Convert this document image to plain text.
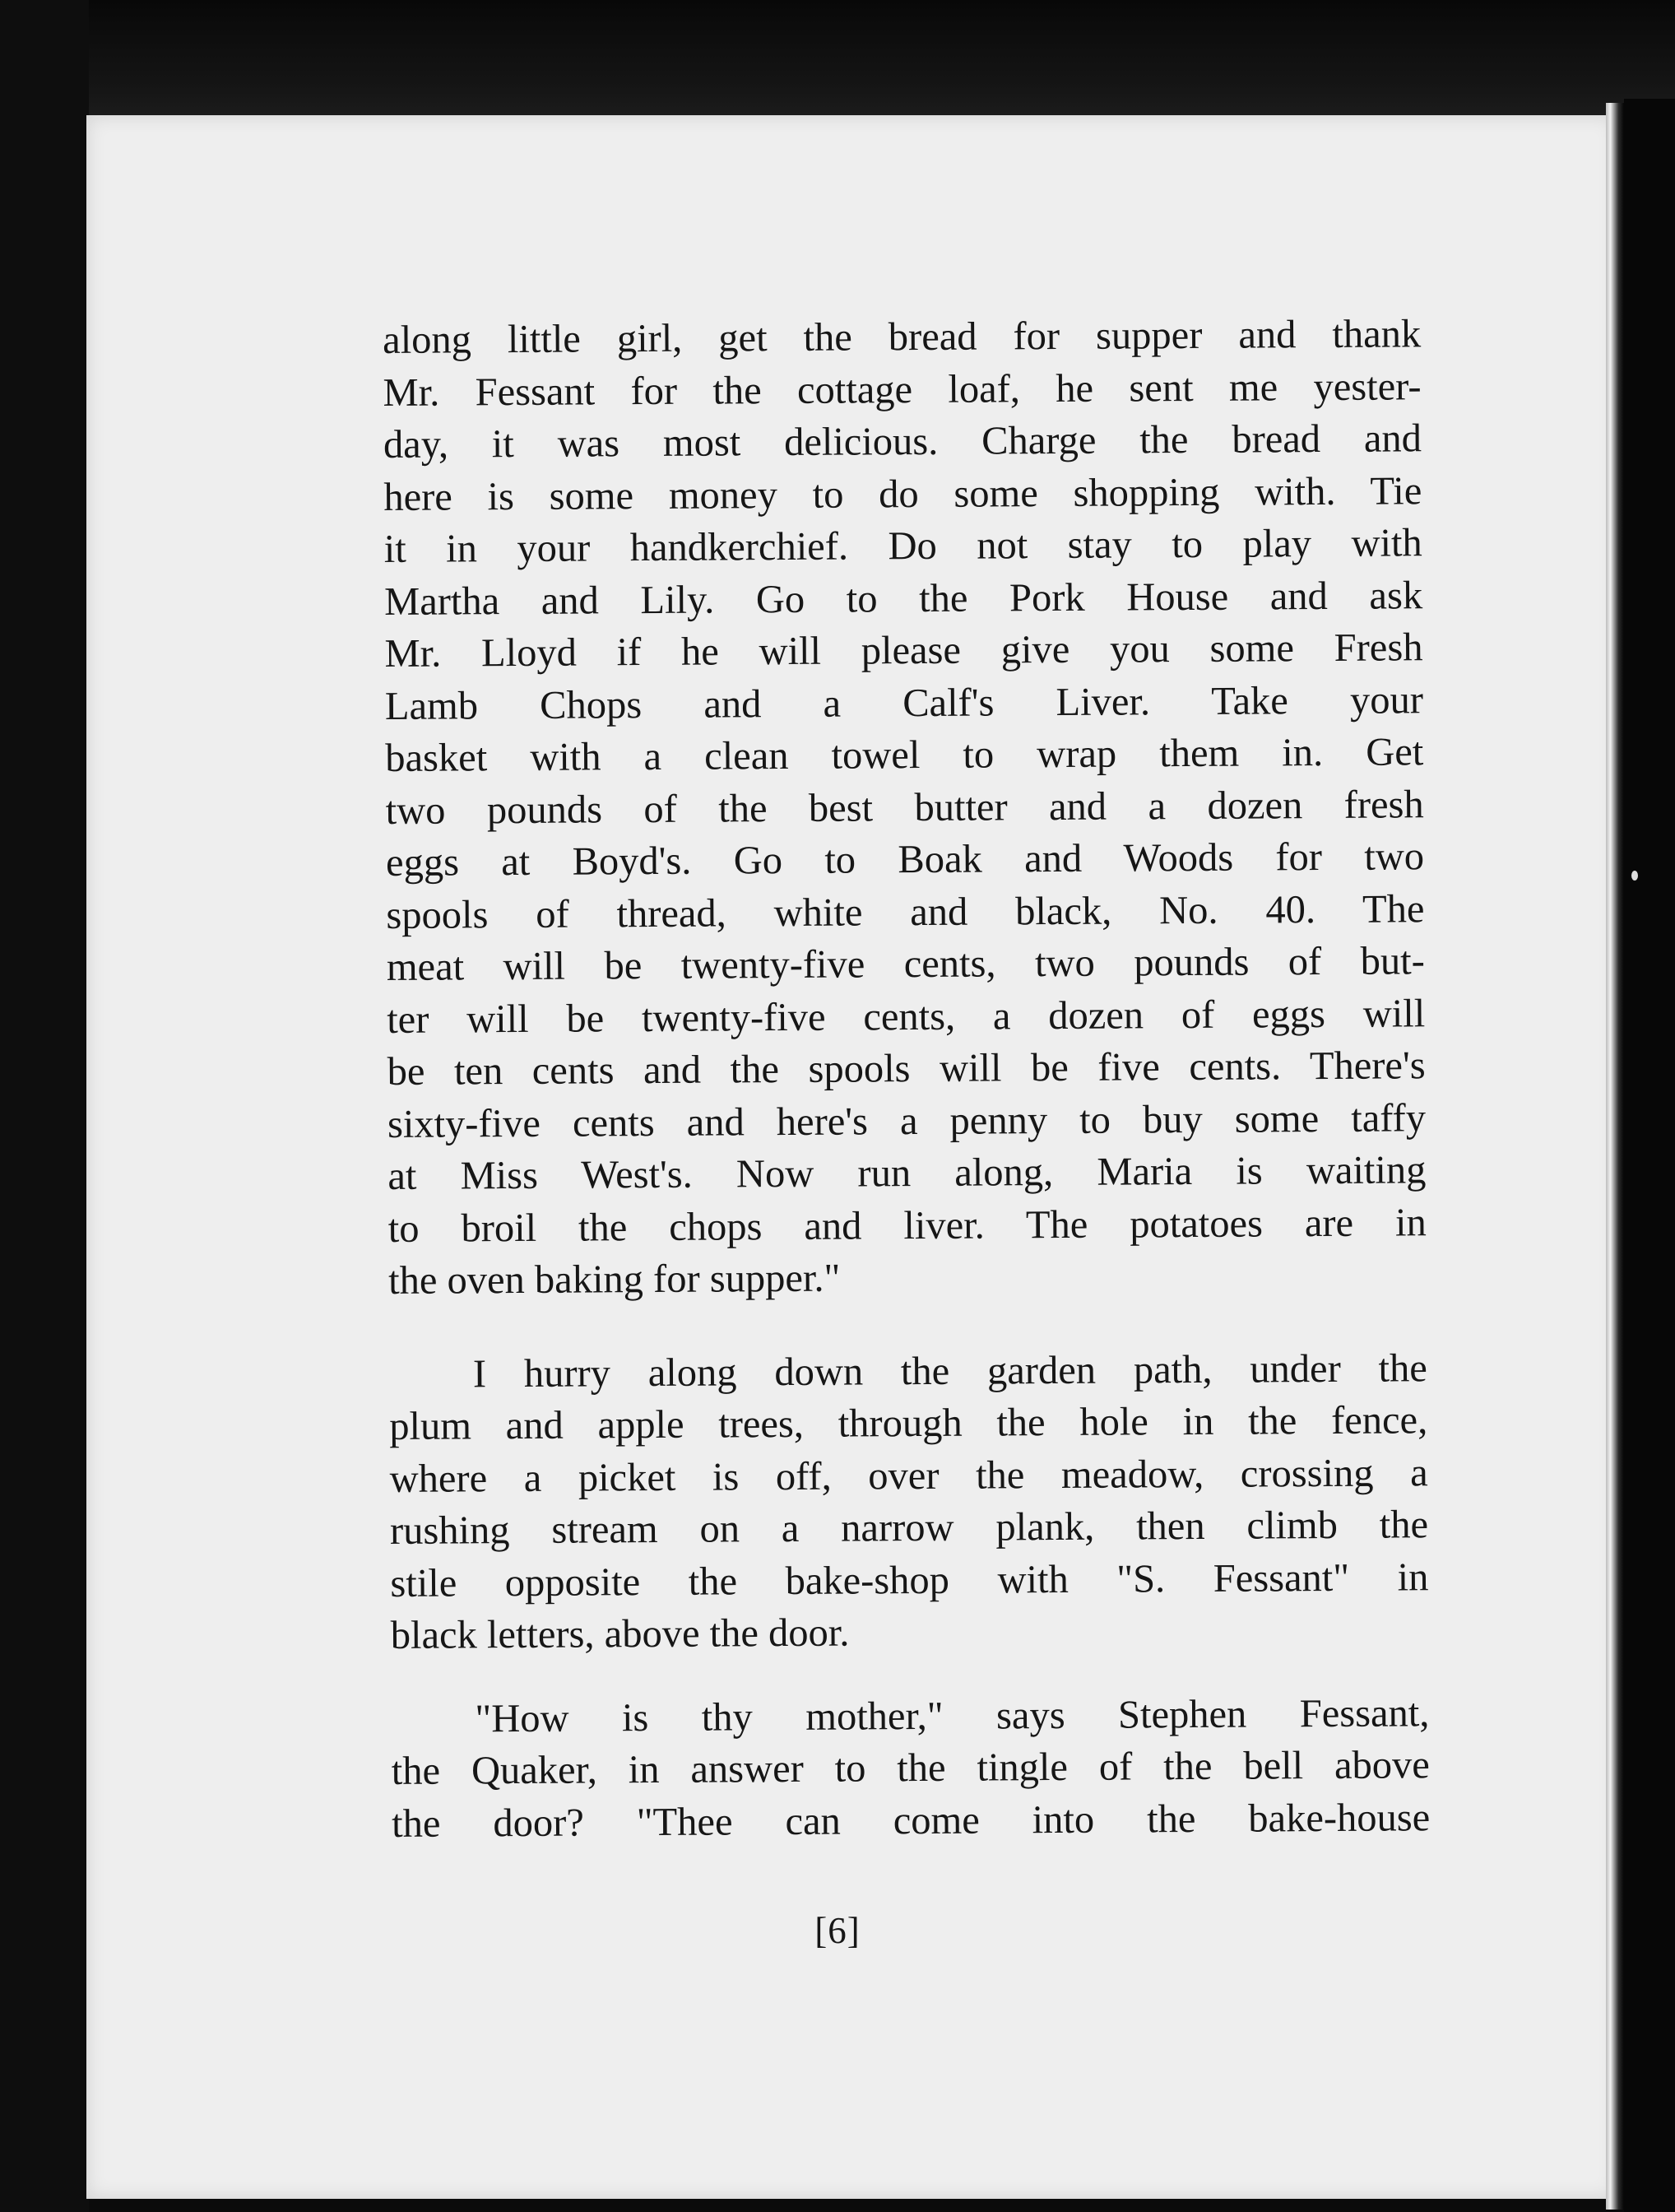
along little girl, get the bread for supper and thank
Mr. Fessant for the cottage loaf, he sent me yester-
day, it was most delicious. Charge the bread and
here is some money to do some shopping with. Tie
it in your handkerchief. Do not stay to play with
Martha and Lily. Go to the Pork House and ask
Mr. Lloyd if he will please give you some Fresh
Lamb Chops and a Calf's Liver. Take your
basket with a clean towel to wrap them in. Get
two pounds of the best butter and a dozen fresh
eggs at Boyd's. Go to Boak and Woods for two
spools of thread, white and black, No. 40. The
meat will be twenty-five cents, two pounds of but-
ter will be twenty-five cents, a dozen of eggs will
be ten cents and the spools will be five cents. There's
sixty-five cents and here's a penny to buy some taffy
at Miss West's. Now run along, Maria is waiting
to broil the chops and liver. The potatoes are in
the oven baking for supper."

I hurry along down the garden path, under the
plum and apple trees, through the hole in the fence,
where a picket is off, over the meadow, crossing a
rushing stream on a narrow plank, then climb the
stile opposite the bake-shop with "S. Fessant" in
black letters, above the door.

"How is thy mother," says Stephen Fessant,
the Quaker, in answer to the tingle of the bell above
the door? "Thee can come into the bake-house

[6]
